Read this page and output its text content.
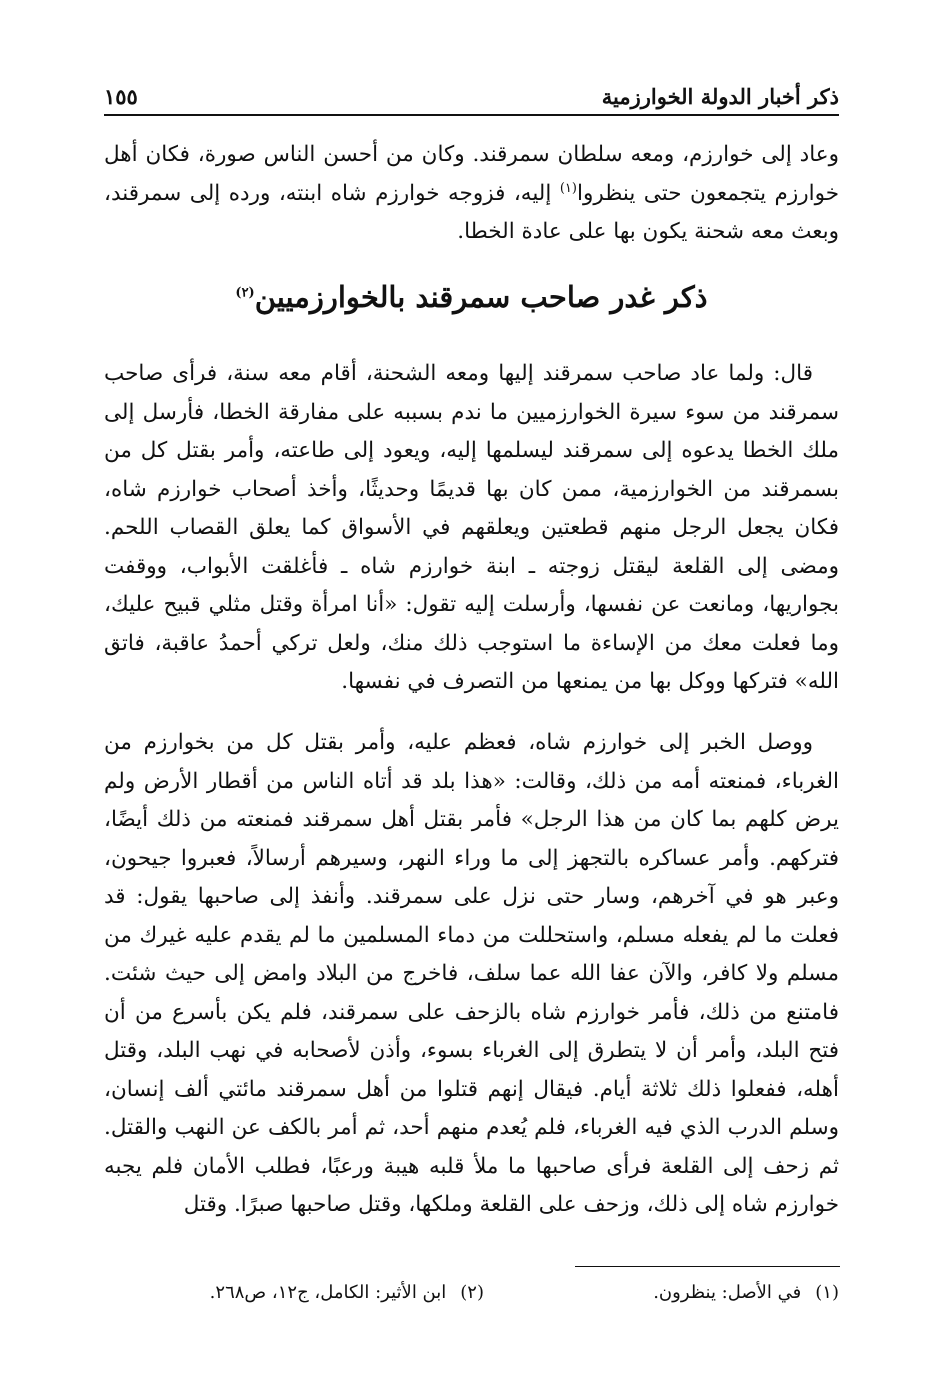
ذكر أخبار الدولة الخوارزمية
١٥٥

وعاد إلى خوارزم، ومعه سلطان سمرقند. وكان من أحسن الناس صورة، فكان أهل خوارزم يتجمعون حتى ينظروا$^{(١)}$ إليه، فزوجه خوارزم شاه ابنته، ورده إلى سمرقند، وبعث معه شحنة يكون بها على عادة الخطا.

ذكر غدر صاحب سمرقند بالخوارزميين$^{(٢)}$

قال: ولما عاد صاحب سمرقند إليها ومعه الشحنة، أقام معه سنة، فرأى صاحب سمرقند من سوء سيرة الخوارزميين ما ندم بسببه على مفارقة الخطا، فأرسل إلى ملك الخطا يدعوه إلى سمرقند ليسلمها إليه، ويعود إلى طاعته، وأمر بقتل كل من بسمرقند من الخوارزمية، ممن كان بها قديمًا وحديثًا، وأخذ أصحاب خوارزم شاه، فكان يجعل الرجل منهم قطعتين ويعلقهم في الأسواق كما يعلق القصاب اللحم. ومضى إلى القلعة ليقتل زوجته ـ ابنة خوارزم شاه ـ فأغلقت الأبواب، ووقفت بجواريها، ومانعت عن نفسها، وأرسلت إليه تقول: «أنا امرأة وقتل مثلي قبيح عليك، وما فعلت معك من الإساءة ما استوجب ذلك منك، ولعل تركي أحمدُ عاقبة، فاتق الله» فتركها ووكل بها من يمنعها من التصرف في نفسها.

ووصل الخبر إلى خوارزم شاه، فعظم عليه، وأمر بقتل كل من بخوارزم من الغرباء، فمنعته أمه من ذلك، وقالت: «هذا بلد قد أتاه الناس من أقطار الأرض ولم يرض كلهم بما كان من هذا الرجل» فأمر بقتل أهل سمرقند فمنعته من ذلك أيضًا، فتركهم. وأمر عساكره بالتجهز إلى ما وراء النهر، وسيرهم أرسالاً، فعبروا جيحون، وعبر هو في آخرهم، وسار حتى نزل على سمرقند. وأنفذ إلى صاحبها يقول: قد فعلت ما لم يفعله مسلم، واستحللت من دماء المسلمين ما لم يقدم عليه غيرك من مسلم ولا كافر، والآن عفا الله عما سلف، فاخرج من البلاد وامض إلى حيث شئت. فامتنع من ذلك، فأمر خوارزم شاه بالزحف على سمرقند، فلم يكن بأسرع من أن فتح البلد، وأمر أن لا يتطرق إلى الغرباء بسوء، وأذن لأصحابه في نهب البلد، وقتل أهله، ففعلوا ذلك ثلاثة أيام. فيقال إنهم قتلوا من أهل سمرقند مائتي ألف إنسان، وسلم الدرب الذي فيه الغرباء، فلم يُعدم منهم أحد، ثم أمر بالكف عن النهب والقتل. ثم زحف إلى القلعة فرأى صاحبها ما ملأ قلبه هيبة ورعبًا، فطلب الأمان فلم يجبه خوارزم شاه إلى ذلك، وزحف على القلعة وملكها، وقتل صاحبها صبرًا. وقتل

(١)في الأصل: ينظرون.
(٢)ابن الأثير: الكامل، ج١٢، ص٢٦٨.
